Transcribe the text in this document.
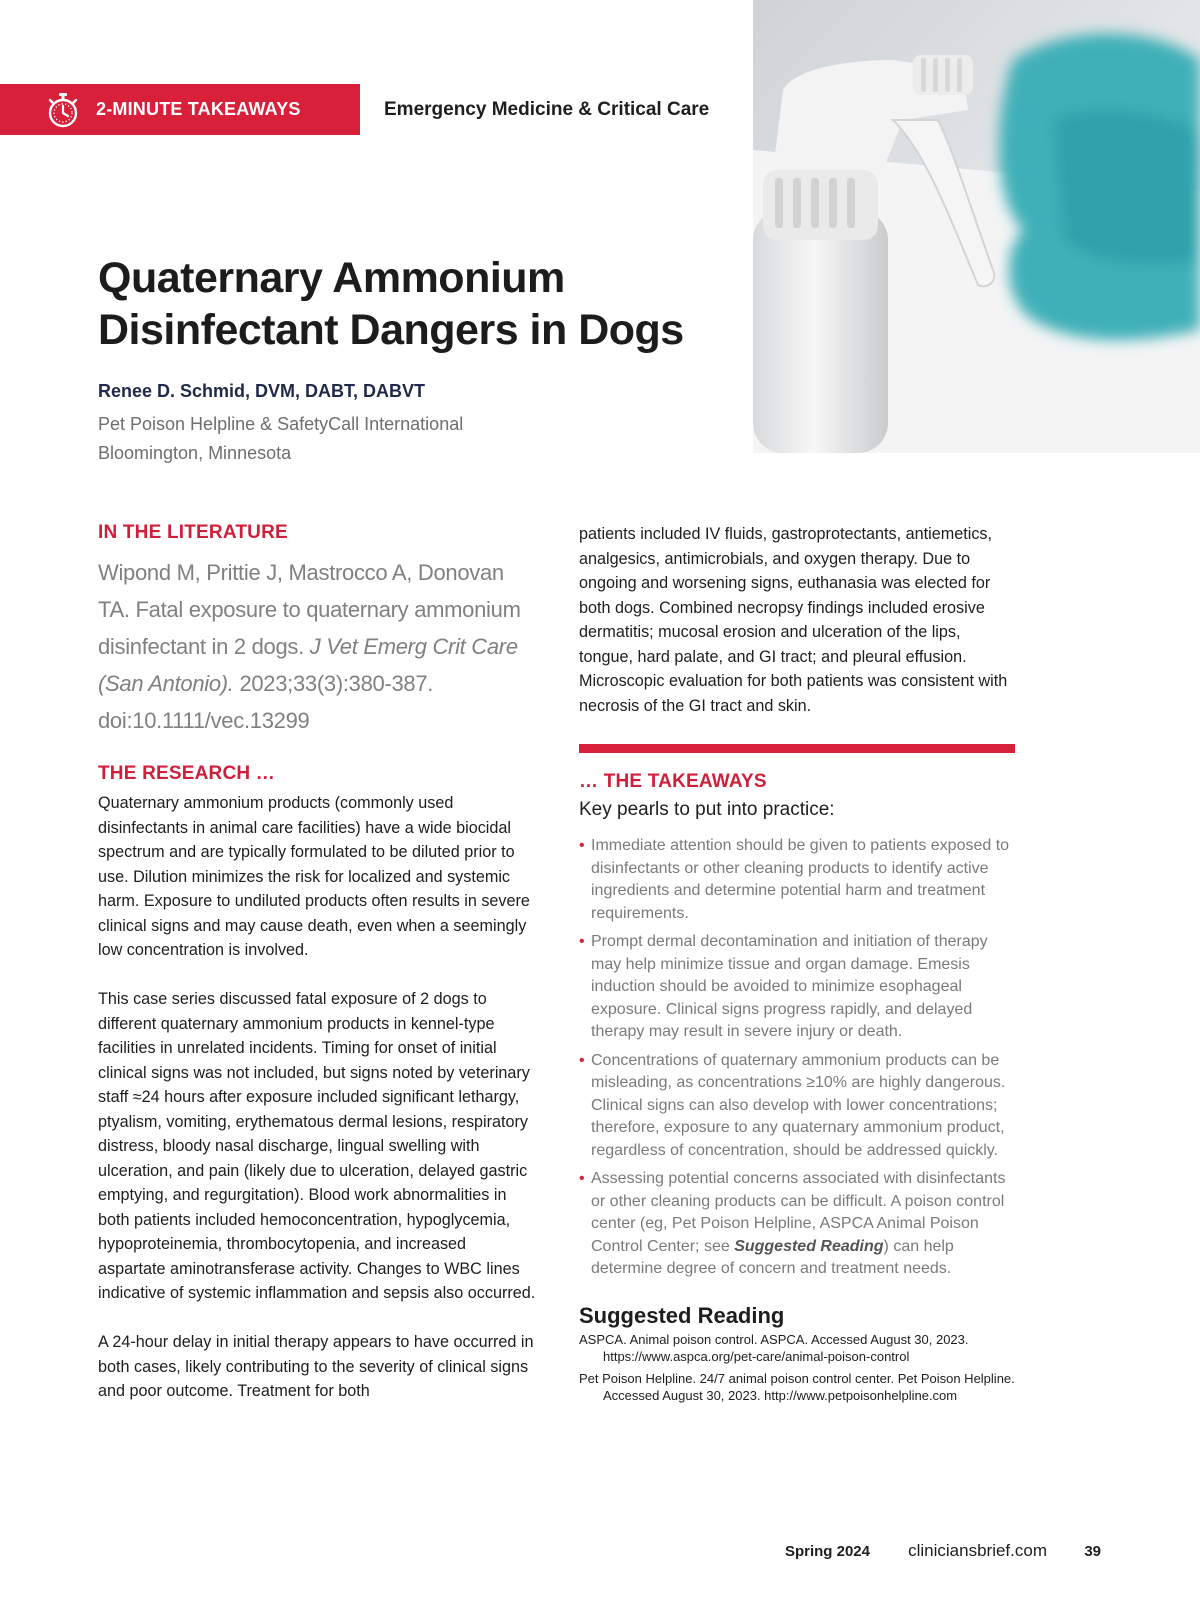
2-MINUTE TAKEAWAYS	Emergency Medicine & Critical Care
Quaternary Ammonium
Disinfectant Dangers in Dogs
Renee D. Schmid, DVM, DABT, DABVT
Pet Poison Helpline & SafetyCall International
Bloomington, Minnesota
IN THE LITERATURE
Wipond M, Prittie J, Mastrocco A, Donovan TA. Fatal exposure to quaternary ammonium disinfectant in 2 dogs. J Vet Emerg Crit Care (San Antonio). 2023;33(3):380-387. doi:10.1111/vec.13299
THE RESEARCH …

Quaternary ammonium products (commonly used disinfectants in animal care facilities) have a wide biocidal spectrum and are typically formulated to be diluted prior to use. Dilution minimizes the risk for localized and systemic harm. Exposure to undiluted products often results in severe clinical signs and may cause death, even when a seemingly low concentration is involved.

This case series discussed fatal exposure of 2 dogs to different quaternary ammonium products in kennel-type facilities in unrelated incidents. Timing for onset of initial clinical signs was not included, but signs noted by veterinary staff ≈24 hours after exposure included significant lethargy, ptyalism, vomiting, erythematous dermal lesions, respiratory distress, bloody nasal discharge, lingual swelling with ulceration, and pain (likely due to ulceration, delayed gastric emptying, and regurgitation). Blood work abnormalities in both patients included hemoconcentration, hypoglycemia, hypoproteinemia, thrombocytopenia, and increased aspartate aminotransferase activity. Changes to WBC lines indicative of systemic inflammation and sepsis also occurred.

A 24-hour delay in initial therapy appears to have occurred in both cases, likely contributing to the severity of clinical signs and poor outcome. Treatment for both

patients included IV fluids, gastroprotectants, antiemetics, analgesics, antimicrobials, and oxygen therapy. Due to ongoing and worsening signs, euthanasia was elected for both dogs. Combined necropsy findings included erosive dermatitis; mucosal erosion and ulceration of the lips, tongue, hard palate, and GI tract; and pleural effusion. Microscopic evaluation for both patients was consistent with necrosis of the GI tract and skin.
… THE TAKEAWAYS
Key pearls to put into practice:
• Immediate attention should be given to patients exposed to disinfectants or other cleaning products to identify active ingredients and determine potential harm and treatment requirements.
• Prompt dermal decontamination and initiation of therapy may help minimize tissue and organ damage. Emesis induction should be avoided to minimize esophageal exposure. Clinical signs progress rapidly, and delayed therapy may result in severe injury or death.
• Concentrations of quaternary ammonium products can be misleading, as concentrations ≥10% are highly dangerous. Clinical signs can also develop with lower concentrations; therefore, exposure to any quaternary ammonium product, regardless of concentration, should be addressed quickly.
• Assessing potential concerns associated with disinfectants or other cleaning products can be difficult. A poison control center (eg, Pet Poison Helpline, ASPCA Animal Poison Control Center; see Suggested Reading) can help determine degree of concern and treatment needs.
Suggested Reading
ASPCA. Animal poison control. ASPCA. Accessed August 30, 2023. https://www.aspca.org/pet-care/animal-poison-control
Pet Poison Helpline. 24/7 animal poison control center. Pet Poison Helpline. Accessed August 30, 2023. http://www.petpoisonhelpline.com
Spring 2024 cliniciansbrief.com 39
